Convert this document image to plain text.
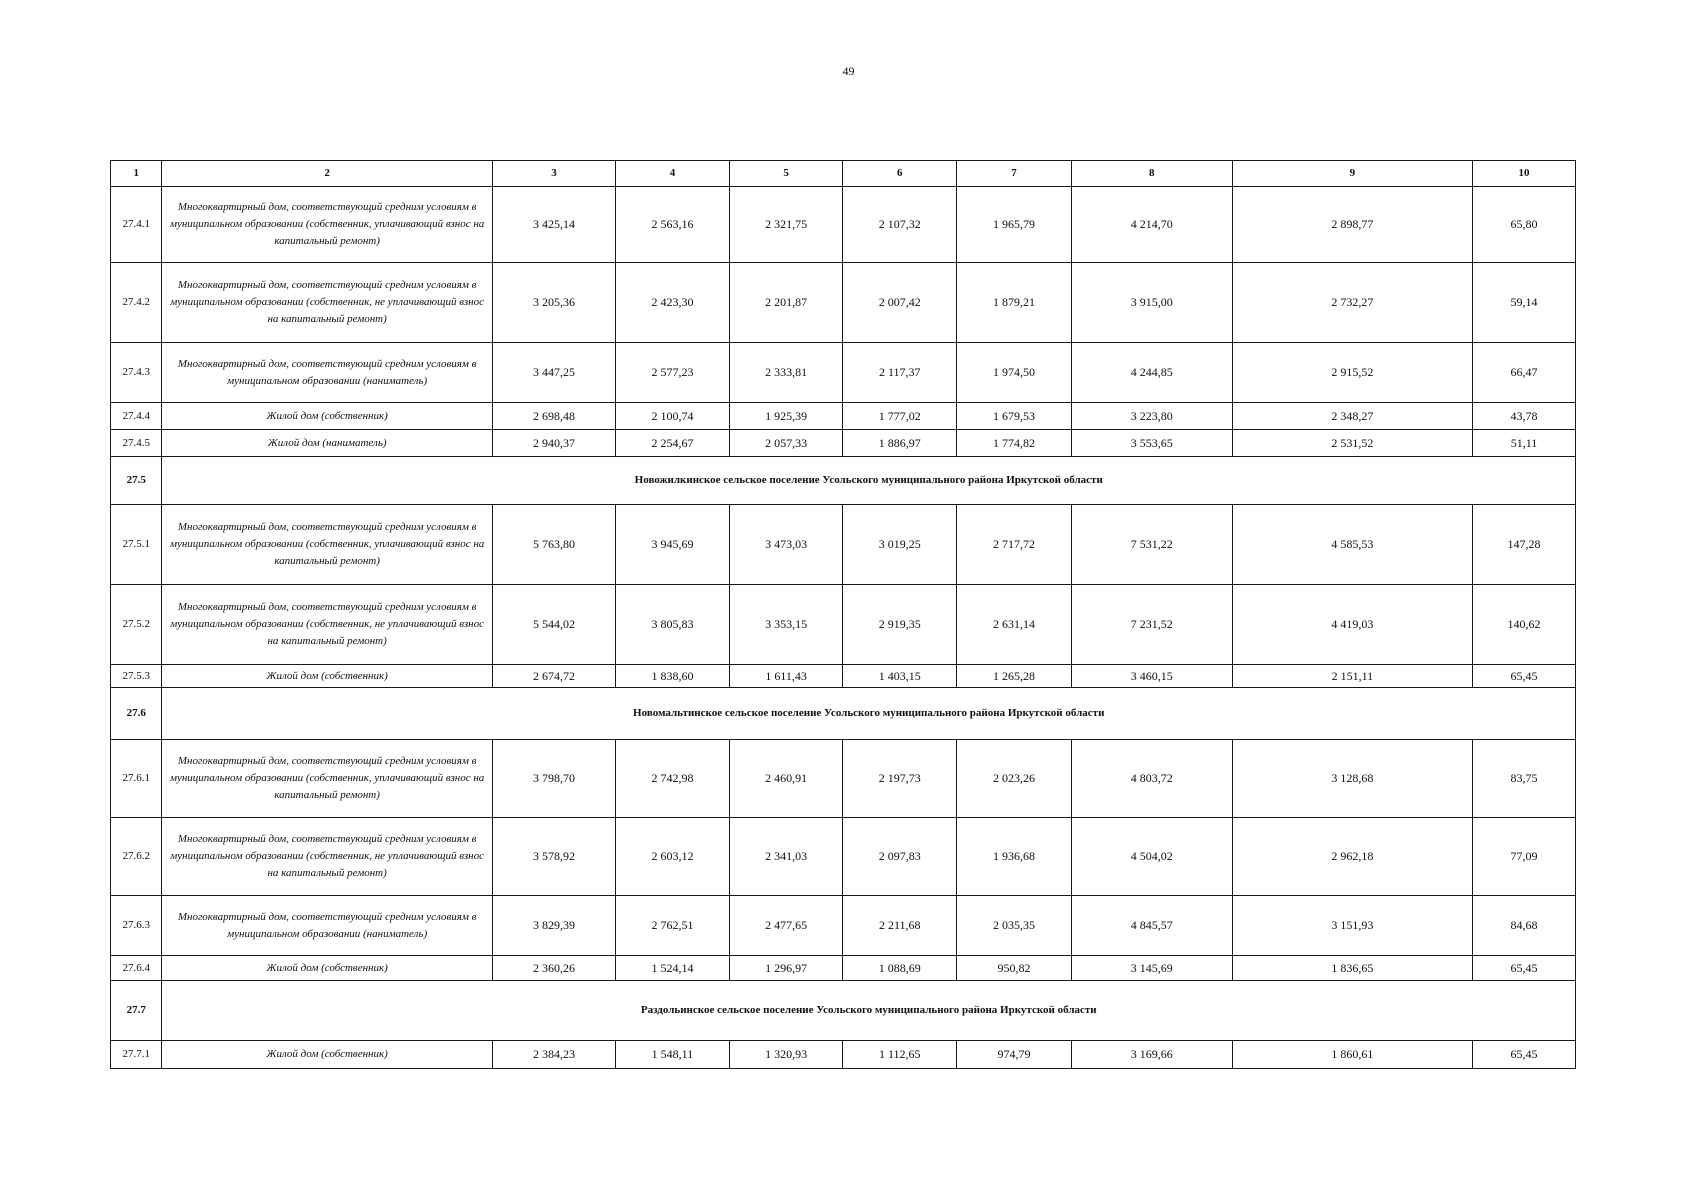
49
1	2	3	4	5	6	7	8	9	10
27.4.1	Многоквартирный дом, соответствующий средним условиям в муниципальном образовании (собственник, уплачивающий взнос на капитальный ремонт)	3 425,14	2 563,16	2 321,75	2 107,32	1 965,79	4 214,70	2 898,77	65,80
27.4.2	Многоквартирный дом, соответствующий средним условиям в муниципальном образовании (собственник, не уплачивающий взнос на капитальный ремонт)	3 205,36	2 423,30	2 201,87	2 007,42	1 879,21	3 915,00	2 732,27	59,14
27.4.3	Многоквартирный дом, соответствующий средним условиям в муниципальном образовании (наниматель)	3 447,25	2 577,23	2 333,81	2 117,37	1 974,50	4 244,85	2 915,52	66,47
27.4.4	Жилой дом (собственник)	2 698,48	2 100,74	1 925,39	1 777,02	1 679,53	3 223,80	2 348,27	43,78
27.4.5	Жилой дом (наниматель)	2 940,37	2 254,67	2 057,33	1 886,97	1 774,82	3 553,65	2 531,52	51,11
27.5	Новожилкинское сельское поселение Усольского муниципального района Иркутской области								
27.5.1	Многоквартирный дом, соответствующий средним условиям в муниципальном образовании (собственник, уплачивающий взнос на капитальный ремонт)	5 763,80	3 945,69	3 473,03	3 019,25	2 717,72	7 531,22	4 585,53	147,28
27.5.2	Многоквартирный дом, соответствующий средним условиям в муниципальном образовании (собственник, не уплачивающий взнос на капитальный ремонт)	5 544,02	3 805,83	3 353,15	2 919,35	2 631,14	7 231,52	4 419,03	140,62
27.5.3	Жилой дом (собственник)	2 674,72	1 838,60	1 611,43	1 403,15	1 265,28	3 460,15	2 151,11	65,45
27.6	Новомальтинское сельское поселение Усольского муниципального района Иркутской области								
27.6.1	Многоквартирный дом, соответствующий средним условиям в муниципальном образовании (собственник, уплачивающий взнос на капитальный ремонт)	3 798,70	2 742,98	2 460,91	2 197,73	2 023,26	4 803,72	3 128,68	83,75
27.6.2	Многоквартирный дом, соответствующий средним условиям в муниципальном образовании (собственник, не уплачивающий взнос на капитальный ремонт)	3 578,92	2 603,12	2 341,03	2 097,83	1 936,68	4 504,02	2 962,18	77,09
27.6.3	Многоквартирный дом, соответствующий средним условиям в муниципальном образовании (наниматель)	3 829,39	2 762,51	2 477,65	2 211,68	2 035,35	4 845,57	3 151,93	84,68
27.6.4	Жилой дом (собственник)	2 360,26	1 524,14	1 296,97	1 088,69	950,82	3 145,69	1 836,65	65,45
27.7	Раздольинское сельское поселение Усольского муниципального района Иркутской области								
27.7.1	Жилой дом (собственник)	2 384,23	1 548,11	1 320,93	1 112,65	974,79	3 169,66	1 860,61	65,45
